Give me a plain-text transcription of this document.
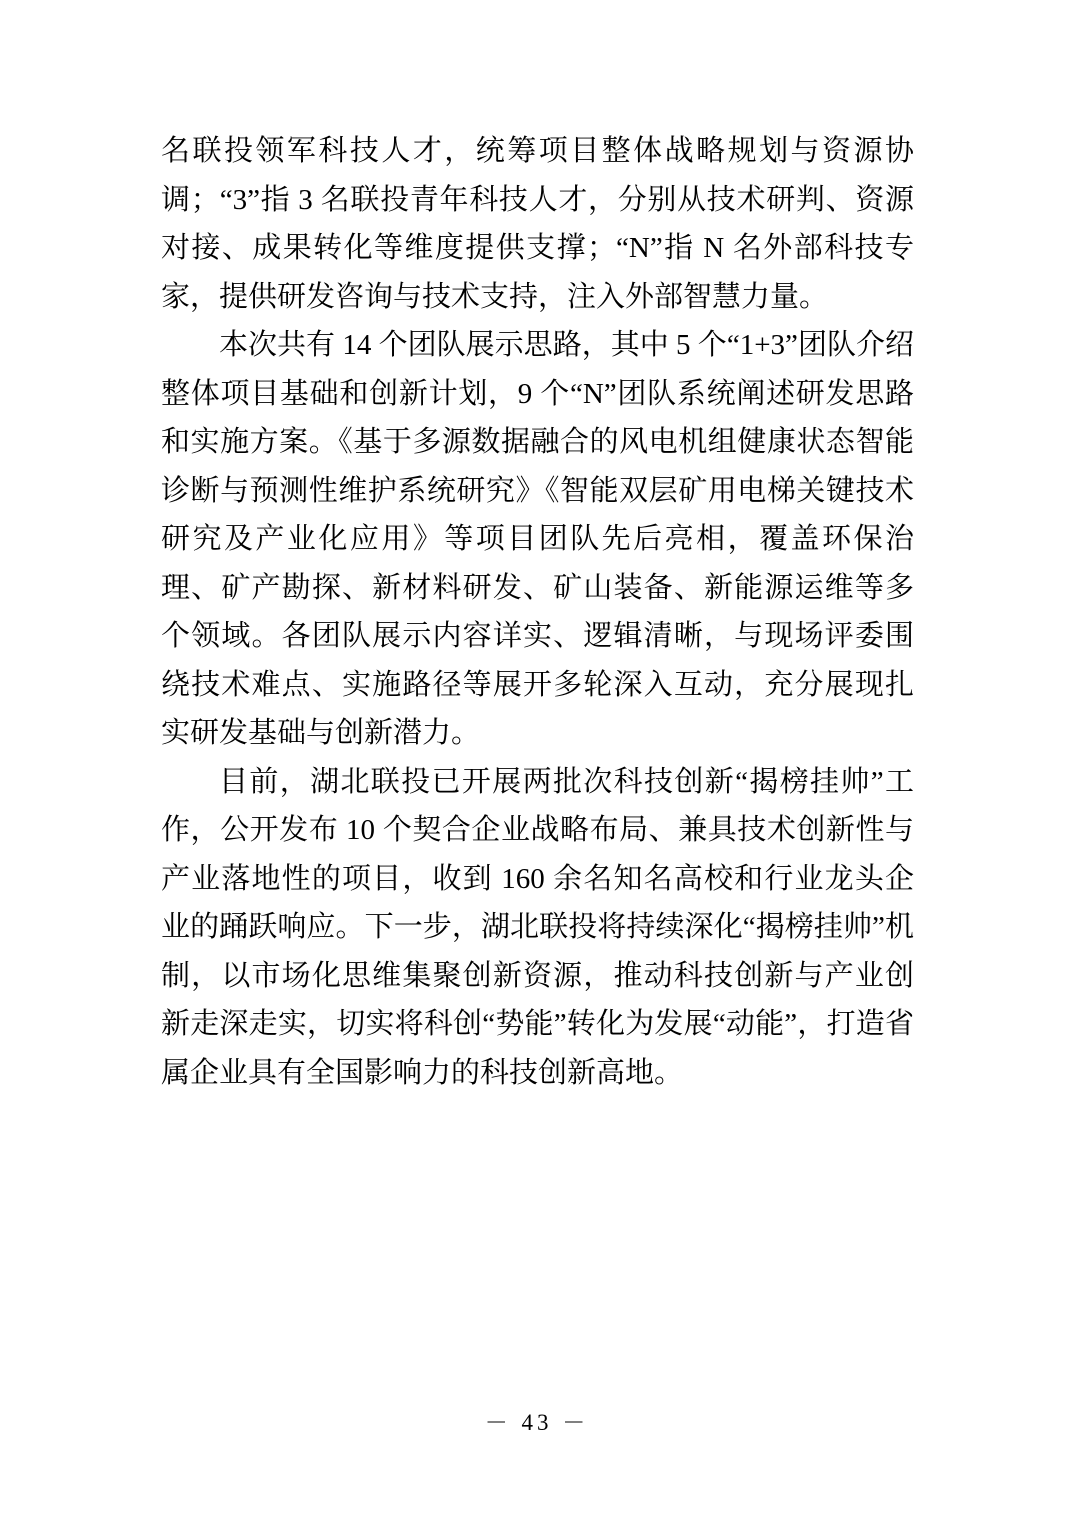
名联投领军科技人才，统筹项目整体战略规划与资源协调；“3”指 3 名联投青年科技人才，分别从技术研判、资源对接、成果转化等维度提供支撑；“N”指 N 名外部科技专家，提供研发咨询与技术支持，注入外部智慧力量。

本次共有 14 个团队展示思路，其中 5 个“1+3”团队介绍整体项目基础和创新计划，9 个“N”团队系统阐述研发思路和实施方案。《基于多源数据融合的风电机组健康状态智能诊断与预测性维护系统研究》《智能双层矿用电梯关键技术研究及产业化应用》等项目团队先后亮相，覆盖环保治理、矿产勘探、新材料研发、矿山装备、新能源运维等多个领域。各团队展示内容详实、逻辑清晰，与现场评委围绕技术难点、实施路径等展开多轮深入互动，充分展现扎实研发基础与创新潜力。

目前，湖北联投已开展两批次科技创新“揭榜挂帅”工作，公开发布 10 个契合企业战略布局、兼具技术创新性与产业落地性的项目，收到 160 余名知名高校和行业龙头企业的踊跃响应。下一步，湖北联投将持续深化“揭榜挂帅”机制，以市场化思维集聚创新资源，推动科技创新与产业创新走深走实，切实将科创“势能”转化为发展“动能”，打造省属企业具有全国影响力的科技创新高地。

－ 43 －
